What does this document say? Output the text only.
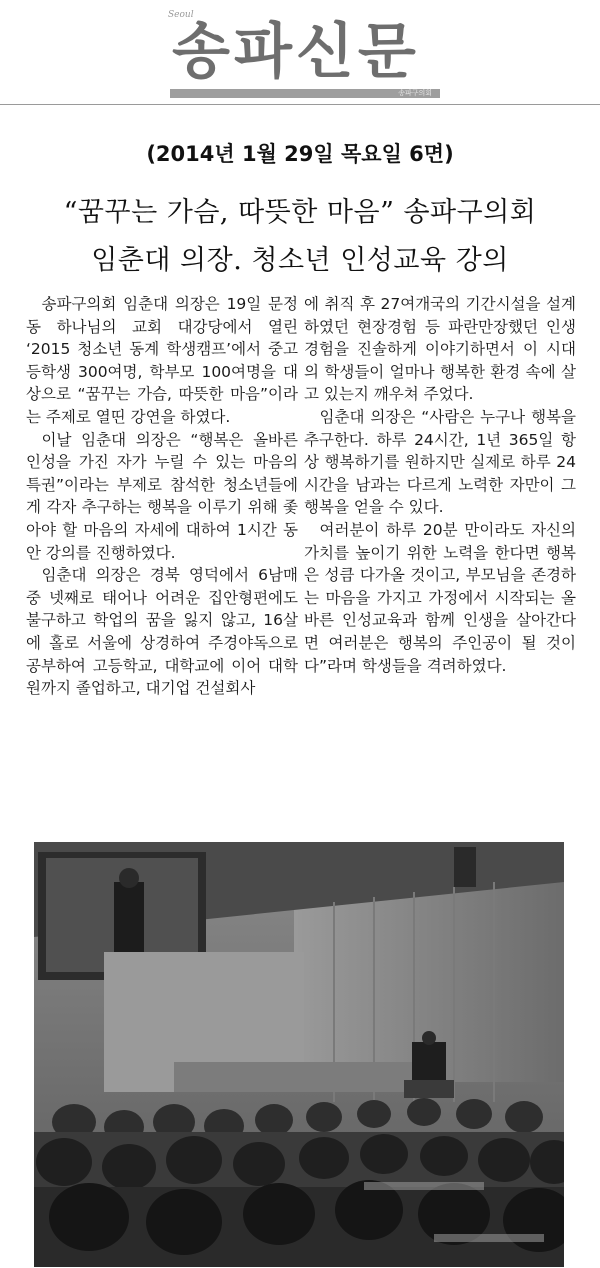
Seoul
송파신문
송파구의회
(2014년 1월 29일 목요일 6면)
“꿈꾸는 가슴, 따뜻한 마음” 송파구의회
임춘대 의장. 청소년 인성교육 강의

송파구의회 임춘대 의장은 19일 문정동 하나님의 교회 대강당에서 열린 ‘2015 청소년 동계 학생캠프’에서 중고등학생 300여명, 학부모 100여명을 대상으로 “꿈꾸는 가슴, 따뜻한 마음”이라는 주제로 열띤 강연을 하였다.

이날 임춘대 의장은 “행복은 올바른 인성을 가진 자가 누릴 수 있는 마음의 특권”이라는 부제로 참석한 청소년들에게 각자 추구하는 행복을 이루기 위해 좇아야 할 마음의 자세에 대하여 1시간 동안 강의를 진행하였다.

임춘대 의장은 경북 영덕에서 6남매 중 넷째로 태어나 어려운 집안형편에도 불구하고 학업의 꿈을 잃지 않고, 16살에 홀로 서울에 상경하여 주경야독으로 공부하여 고등학교, 대학교에 이어 대학원까지 졸업하고, 대기업 건설회사

에 취직 후 27여개국의 기간시설을 설계하였던 현장경험 등 파란만장했던 인생경험을 진솔하게 이야기하면서 이 시대의 학생들이 얼마나 행복한 환경 속에 살고 있는지 깨우쳐 주었다.

임춘대 의장은 “사람은 누구나 행복을 추구한다. 하루 24시간, 1년 365일 항상 행복하기를 원하지만 실제로 하루 24시간을 남과는 다르게 노력한 자만이 그 행복을 얻을 수 있다.

여러분이 하루 20분 만이라도 자신의 가치를 높이기 위한 노력을 한다면 행복은 성큼 다가올 것이고, 부모님을 존경하는 마음을 가지고 가정에서 시작되는 올바른 인성교육과 함께 인생을 살아간다면 여러분은 행복의 주인공이 될 것이다”라며 학생들을 격려하였다.
